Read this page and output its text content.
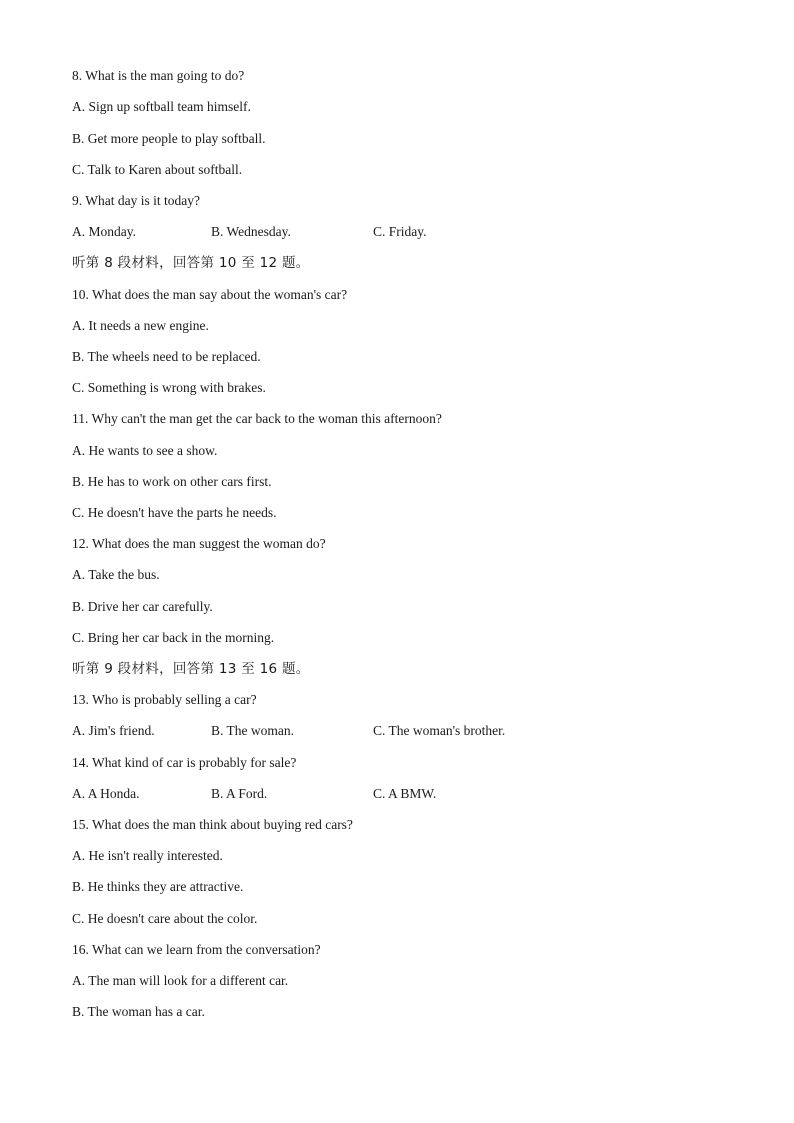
8. What is the man going to do?
A. Sign up softball team himself.
B. Get more people to play softball.
C. Talk to Karen about softball.
9. What day is it today?
A. Monday.	B. Wednesday.	C. Friday.
听第 8 段材料，回答第 10 至 12 题。
10. What does the man say about the woman's car?
A. It needs a new engine.
B. The wheels need to be replaced.
C. Something is wrong with brakes.
11. Why can't the man get the car back to the woman this afternoon?
A. He wants to see a show.
B. He has to work on other cars first.
C. He doesn't have the parts he needs.
12. What does the man suggest the woman do?
A. Take the bus.
B. Drive her car carefully.
C. Bring her car back in the morning.
听第 9 段材料，回答第 13 至 16 题。
13. Who is probably selling a car?
A. Jim's friend.	B. The woman.	C. The woman's brother.
14. What kind of car is probably for sale?
A. A Honda.	B. A Ford.	C. A BMW.
15. What does the man think about buying red cars?
A. He isn't really interested.
B. He thinks they are attractive.
C. He doesn't care about the color.
16. What can we learn from the conversation?
A. The man will look for a different car.
B. The woman has a car.
